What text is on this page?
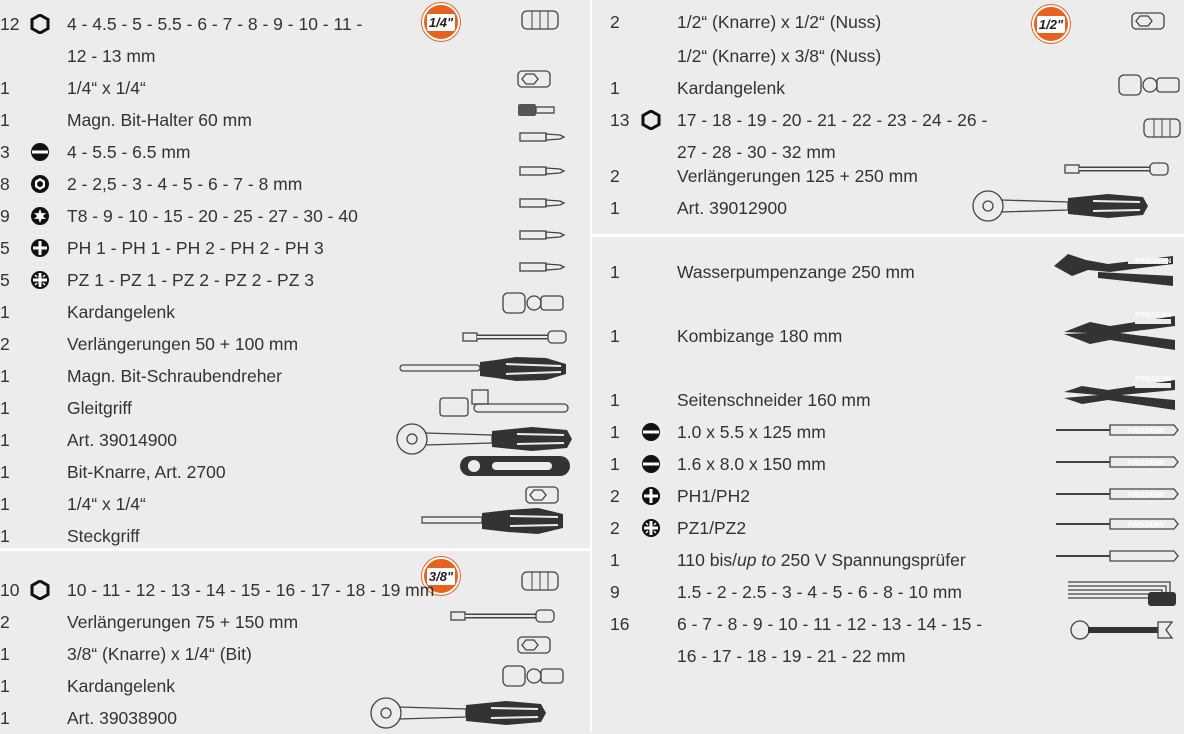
1/4"
3/8"
1/2"
12	4 - 4.5 - 5 - 5.5 - 6 - 7 - 8 - 9 - 10 - 11 -
12 - 13 mm
1	1/4“ x 1/4“
1	Magn. Bit-Halter 60 mm
3	4 - 5.5 - 6.5 mm
8	2 - 2,5 - 3 - 4 - 5 - 6 - 7 - 8 mm
9	T8 - 9 - 10 - 15 - 20 - 25 - 27 - 30 - 40
5	PH 1 - PH 1 - PH 2 - PH 2 - PH 3
5	PZ 1 - PZ 1 - PZ 2 - PZ 2 - PZ 3
1	Kardangelenk
2	Verlängerungen 50 + 100 mm
1	Magn. Bit-Schraubendreher
1	Gleitgriff
1	Art. 39014900
1	Bit-Knarre, Art. 2700
1	1/4“ x 1/4“
1	Steckgriff
10	10 - 11 - 12 - 13 - 14 - 15 - 16 - 17 - 18 - 19 mm
2	Verlängerungen 75 + 150 mm
1	3/8“ (Knarre) x 1/4“ (Bit)
1	Kardangelenk
1	Art. 39038900
2	1/2“ (Knarre) x 1/2“ (Nuss)
1/2“ (Knarre) x 3/8“ (Nuss)
1	Kardangelenk
13	17 - 18 - 19 - 20 - 21 - 22 - 23 - 24 - 26 -
27 - 28 - 30 - 32 mm
2	Verlängerungen 125 + 250 mm
1	Art. 39012900
1	Wasserpumpenzange 250 mm
1	Kombizange 180 mm
1	Seitenschneider 160 mm
1	1.0 x 5.5 x 125 mm
1	1.6 x 8.0 x 150 mm
2	PH1/PH2
2	PZ1/PZ2
1	110 bis/up to 250 V Spannungsprüfer
9	1.5 - 2 - 2.5 - 3 - 4 - 5 - 6 - 8 - 10 mm
16	6 - 7 - 8 - 9 - 10 - 11 - 12 - 13 - 14 - 15 -
16 - 17 - 18 - 19 - 21 - 22 mm
PROJAHN
PROJAHN
PROJAHN
PROJAHN
PROJAHN
PROJAHN
PROJAHN
